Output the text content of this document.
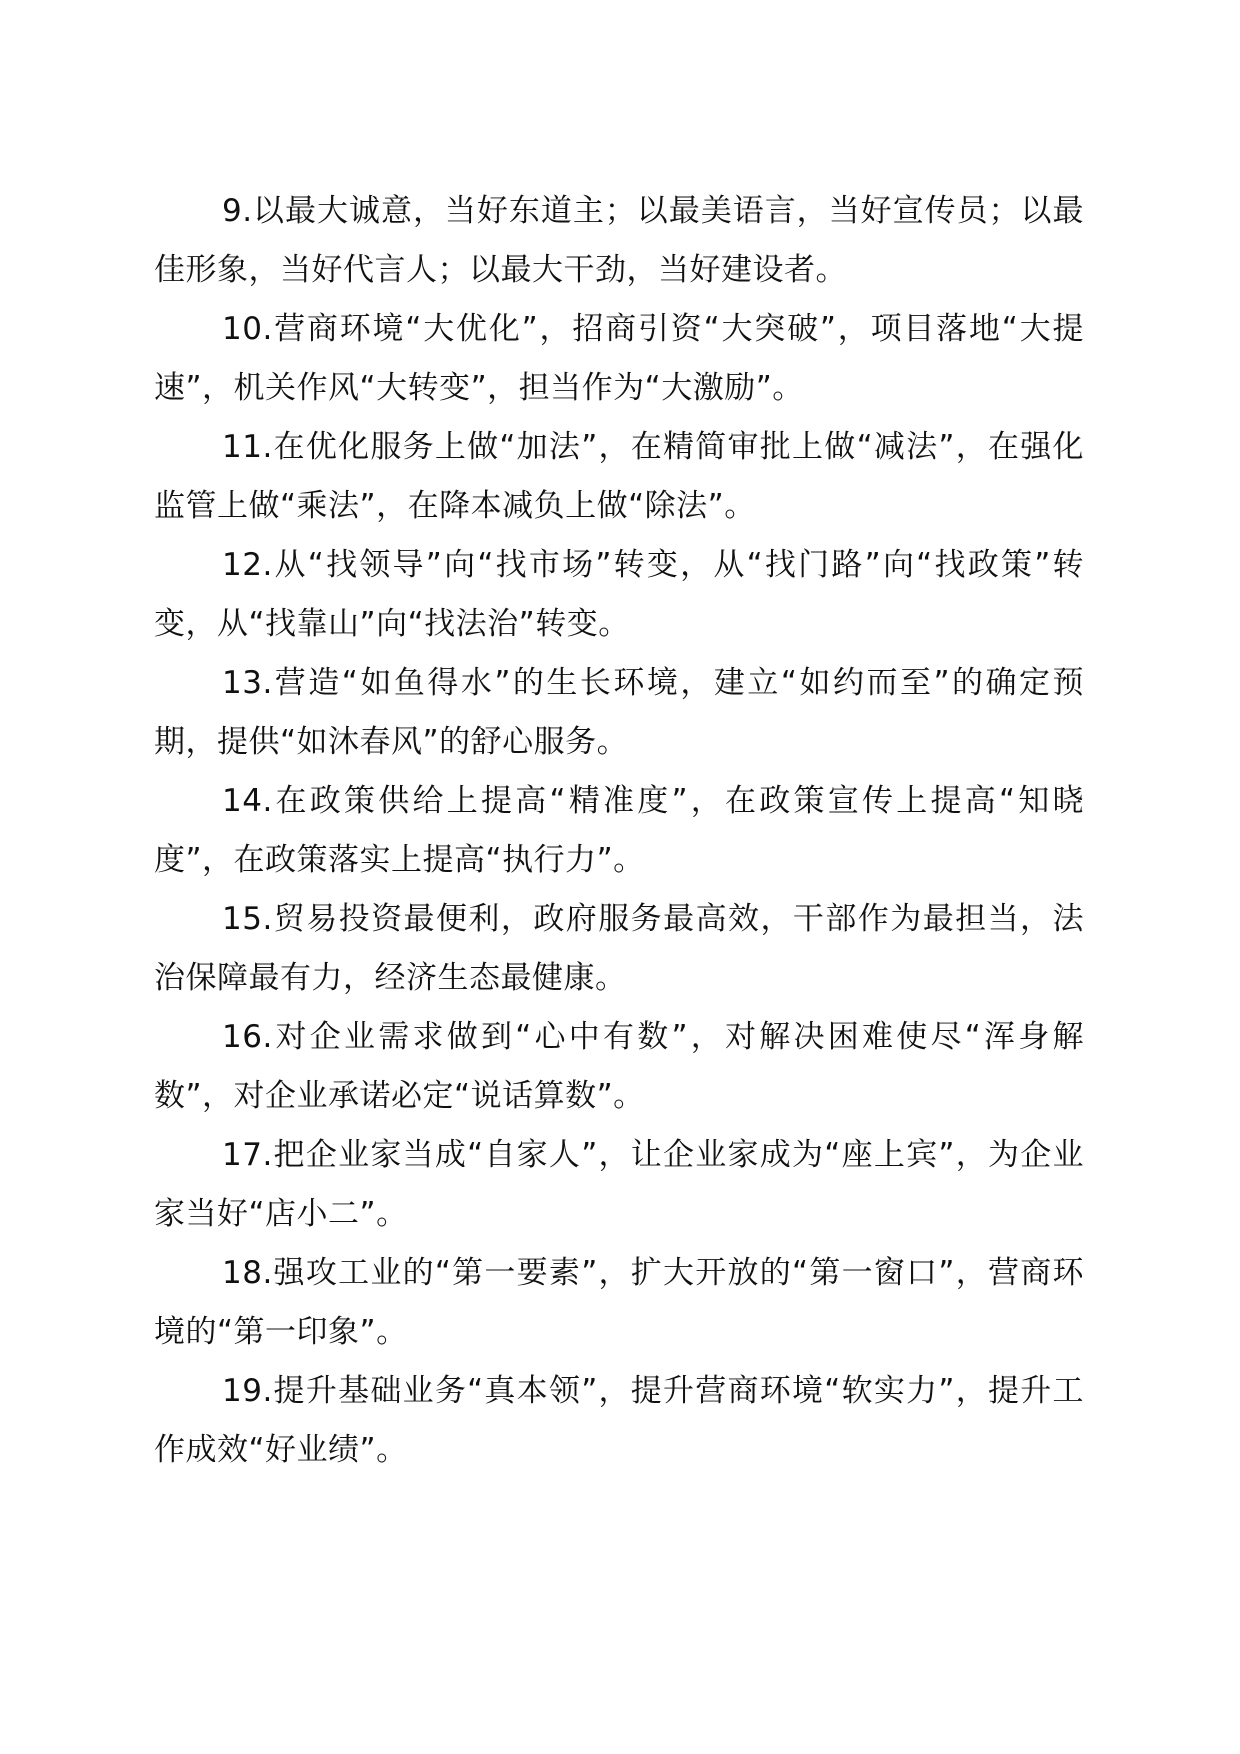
9.以最大诚意，当好东道主；以最美语言，当好宣传员；以最佳形象，当好代言人；以最大干劲，当好建设者。

10.营商环境“大优化”，招商引资“大突破”，项目落地“大提速”，机关作风“大转变”，担当作为“大激励”。

11.在优化服务上做“加法”，在精简审批上做“减法”，在强化监管上做“乘法”，在降本减负上做“除法”。

12.从“找领导”向“找市场”转变，从“找门路”向“找政策”转变，从“找靠山”向“找法治”转变。

13.营造“如鱼得水”的生长环境，建立“如约而至”的确定预期，提供“如沐春风”的舒心服务。

14.在政策供给上提高“精准度”，在政策宣传上提高“知晓度”，在政策落实上提高“执行力”。

15.贸易投资最便利，政府服务最高效，干部作为最担当，法治保障最有力，经济生态最健康。

16.对企业需求做到“心中有数”，对解决困难使尽“浑身解数”，对企业承诺必定“说话算数”。

17.把企业家当成“自家人”，让企业家成为“座上宾”，为企业家当好“店小二”。

18.强攻工业的“第一要素”，扩大开放的“第一窗口”，营商环境的“第一印象”。

19.提升基础业务“真本领”，提升营商环境“软实力”，提升工作成效“好业绩”。
